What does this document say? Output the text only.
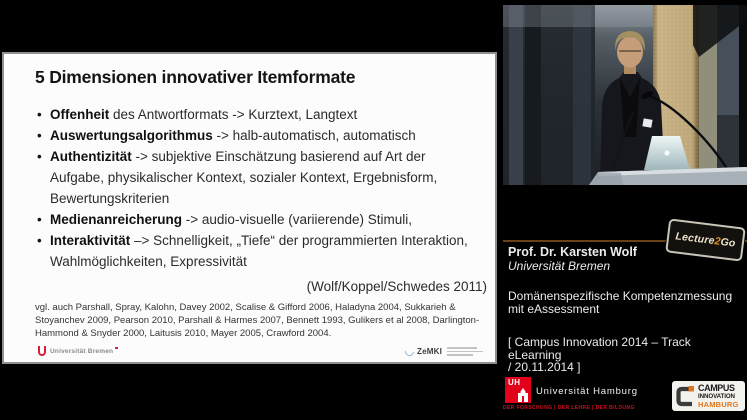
5 Dimensionen innovativer Itemformate
• Offenheit des Antwortformats -> Kurztext, Langtext
• Auswertungsalgorithmus -> halb-automatisch, automatisch
• Authentizität -> subjektive Einschätzung basierend auf Art der Aufgabe, physikalischer Kontext, sozialer Kontext, Ergebnisform, Bewertungskriterien
• Medienanreicherung -> audio-visuelle (variierende) Stimuli,
• Interaktivität –> Schnelligkeit, „Tiefe“ der programmierten Interaktion, Wahlmöglichkeiten, Expressivität
(Wolf/Koppel/Schwedes 2011)
vgl. auch Parshall, Spray, Kalohn, Davey 2002, Scalise & Gifford 2006, Haladyna 2004, Sukkarieh & Stoyanchev 2009, Pearson 2010, Parshall & Harmes 2007, Bennett 1993, Gulikers et al 2008, Darlington-Hammond & Snyder 2000, Laitusis 2010, Mayer 2005, Crawford 2004.
Universität Bremen	ZeMKI
Lecture2Go
Prof. Dr. Karsten Wolf
Universität Bremen
Domänenspezifische Kompetenzmessung
mit eAssessment
[ Campus Innovation 2014 – Track eLearning
/ 20.11.2014 ]
UH
Universität Hamburg
DER FORSCHUNG | DER LEHRE | DER BILDUNG
CAMPUS
INNOVATION
HAMBURG
